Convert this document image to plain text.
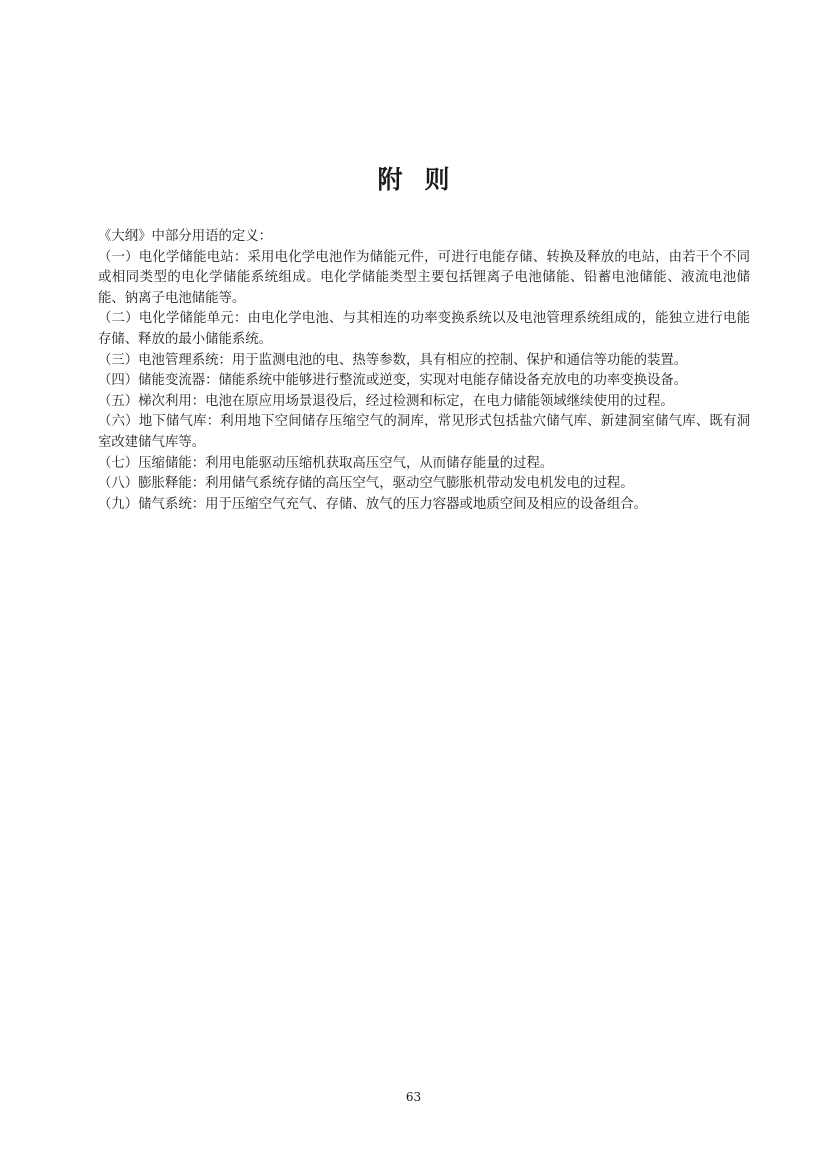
附则

《大纲》中部分用语的定义：

（一）电化学储能电站：采用电化学电池作为储能元件，可进行电能存储、转换及释放的电站，由若干个不同或相同类型的电化学储能系统组成。电化学储能类型主要包括锂离子电池储能、铅蓄电池储能、液流电池储能、钠离子电池储能等。

（二）电化学储能单元：由电化学电池、与其相连的功率变换系统以及电池管理系统组成的，能独立进行电能存储、释放的最小储能系统。

（三）电池管理系统：用于监测电池的电、热等参数，具有相应的控制、保护和通信等功能的装置。

（四）储能变流器：储能系统中能够进行整流或逆变，实现对电能存储设备充放电的功率变换设备。

（五）梯次利用：电池在原应用场景退役后，经过检测和标定，在电力储能领域继续使用的过程。

（六）地下储气库：利用地下空间储存压缩空气的洞库，常见形式包括盐穴储气库、新建洞室储气库、既有洞室改建储气库等。

（七）压缩储能：利用电能驱动压缩机获取高压空气，从而储存能量的过程。

（八）膨胀释能：利用储气系统存储的高压空气，驱动空气膨胀机带动发电机发电的过程。

（九）储气系统：用于压缩空气充气、存储、放气的压力容器或地质空间及相应的设备组合。

63
